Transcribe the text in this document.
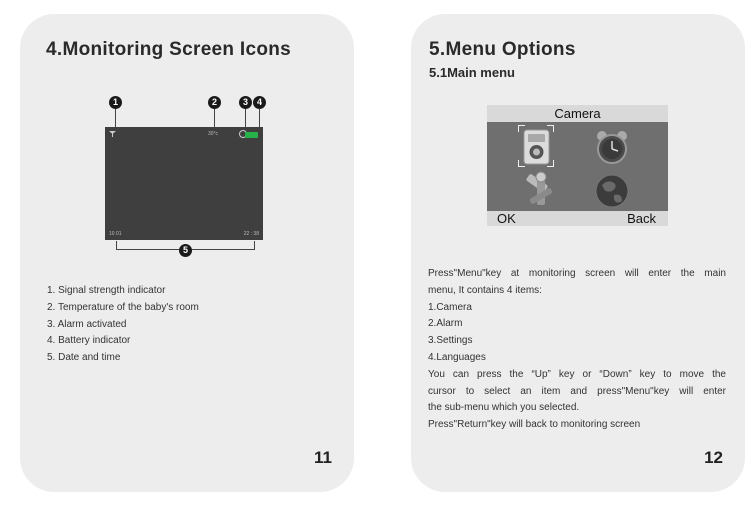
4.Monitoring Screen Icons
1	2	3 4
30°c
10 01	22 : 38
5
1. Signal strength indicator
2. Temperature of the baby's room
3. Alarm activated
4. Battery indicator
5. Date and time
11
5.Menu Options
5.1Main menu
Camera
OK	Back

Press"Menu"key at monitoring screen will enter the main

menu, It contains 4 items:

1.Camera

2.Alarm

3.Settings

4.Languages

You can press the “Up” key or “Down” key to move the

cursor to select an item and press"Menu"key will enter

the sub-menu which you selected.

Press"Return"key will back to monitoring screen

12
